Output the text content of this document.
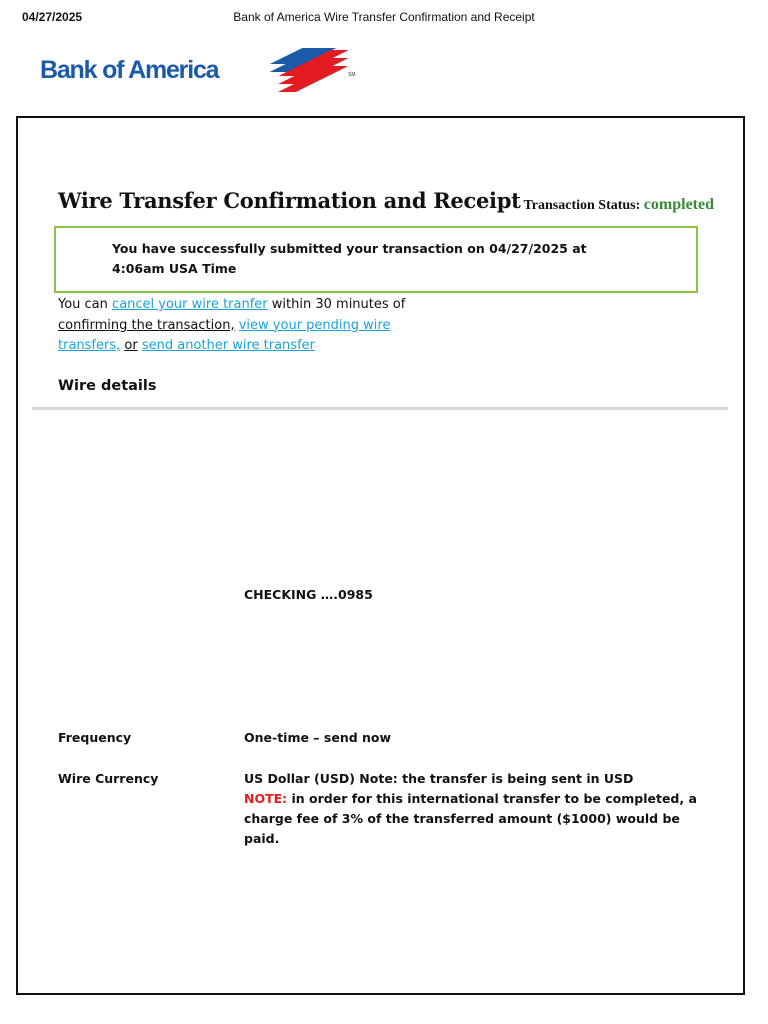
04/27/2025	Bank of America Wire Transfer Confirmation and Receipt
Bank of America	SM
Wire Transfer Confirmation and Receipt Transaction Status: completed
You have successfully submitted your transaction on 04/27/2025 at 4:06am USA Time
You can cancel your wire tranfer within 30 minutes of confirming the transaction, view your pending wire transfers, or send another wire transfer
Wire details
CHECKING ….0985
Frequency	One-time – send now
Wire Currency	US Dollar (USD) Note: the transfer is being sent in USD
NOTE: in order for this international transfer to be completed, a charge fee of 3% of the transferred amount ($1000) would be paid.
